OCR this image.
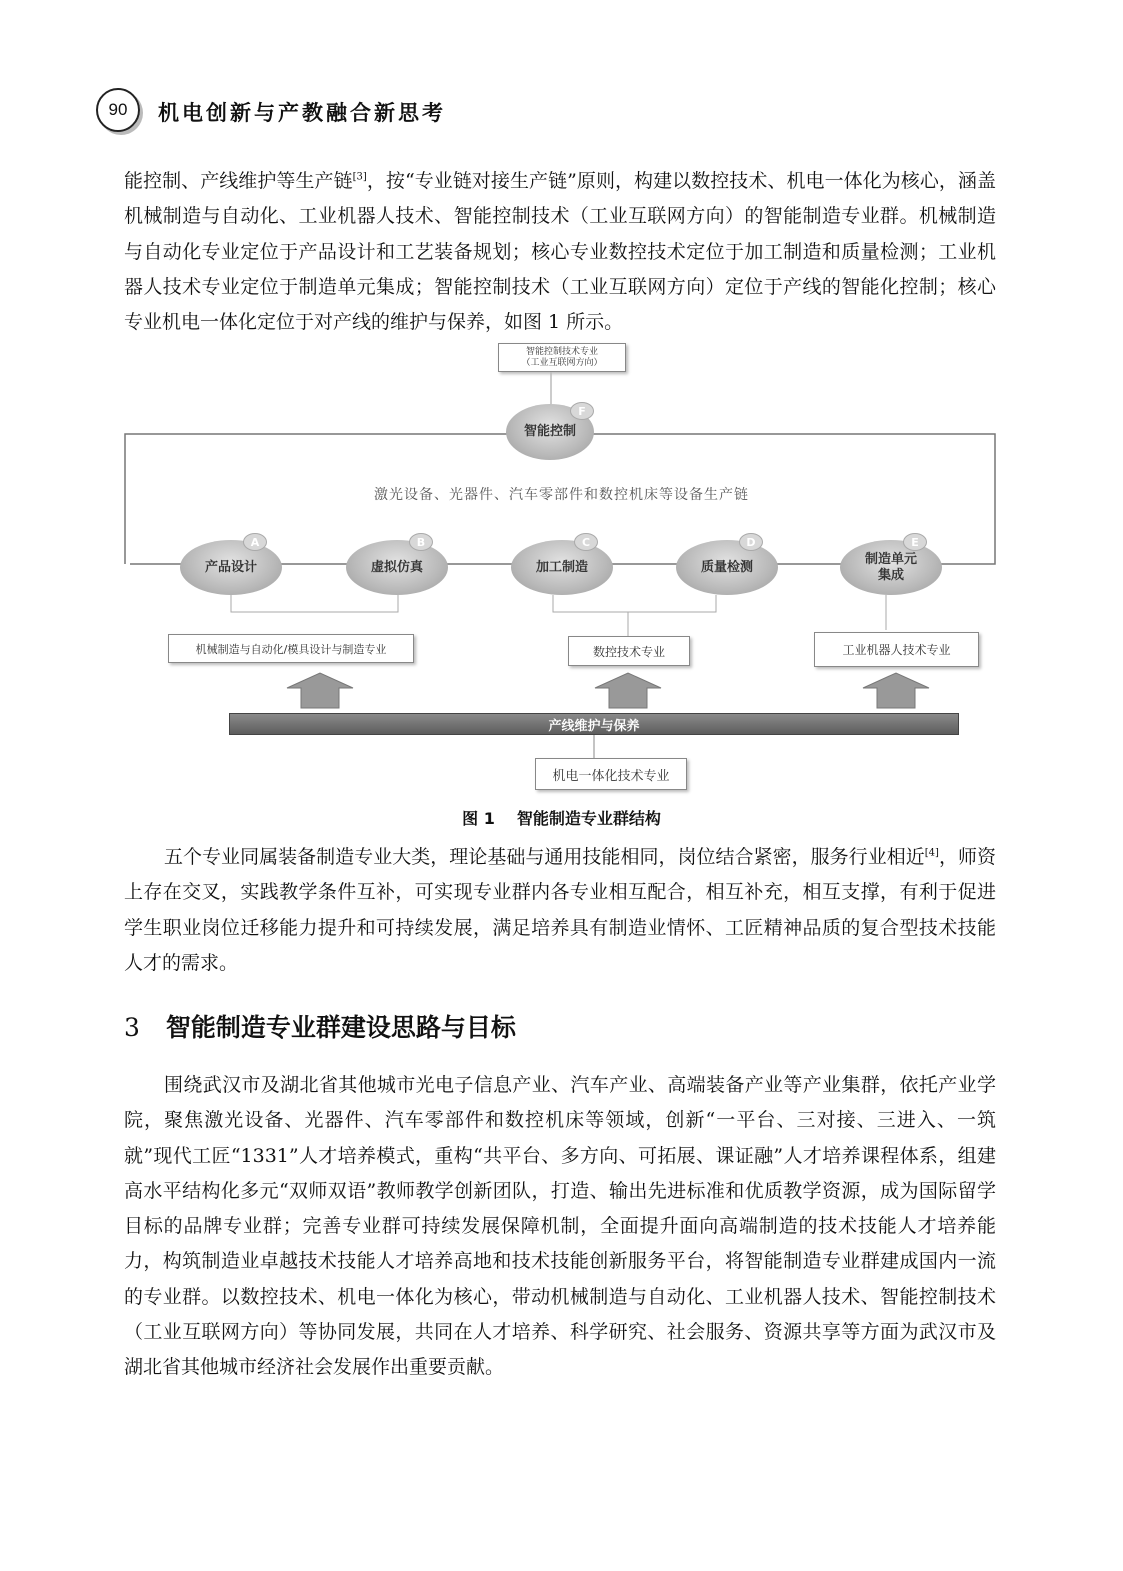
90	机电创新与产教融合新思考

能控制、产线维护等生产链[3]，按“专业链对接生产链”原则，构建以数控技术、机电一体化为核心，涵盖机械制造与自动化、工业机器人技术、智能控制技术（工业互联网方向）的智能制造专业群。机械制造与自动化专业定位于产品设计和工艺装备规划；核心专业数控技术定位于加工制造和质量检测；工业机器人技术专业定位于制造单元集成；智能控制技术（工业互联网方向）定位于产线的智能化控制；核心专业机电一体化定位于对产线的维护与保养，如图 1 所示。

智能控制技术专业
（工业互联网方向）
智能控制
F
激光设备、光器件、汽车零部件和数控机床等设备生产链
产品设计
A
虚拟仿真
B
加工制造
C
质量检测
D
制造单元
集成
E
机械制造与自动化/模具设计与制造专业	数控技术专业	工业机器人技术专业
产线维护与保养
机电一体化技术专业
图 1 智能制造专业群结构

五个专业同属装备制造专业大类，理论基础与通用技能相同，岗位结合紧密，服务行业相近[4]，师资上存在交叉，实践教学条件互补，可实现专业群内各专业相互配合，相互补充，相互支撑，有利于促进学生职业岗位迁移能力提升和可持续发展，满足培养具有制造业情怀、工匠精神品质的复合型技术技能人才的需求。

3 智能制造专业群建设思路与目标

围绕武汉市及湖北省其他城市光电子信息产业、汽车产业、高端装备产业等产业集群，依托产业学院，聚焦激光设备、光器件、汽车零部件和数控机床等领域，创新“一平台、三对接、三进入、一筑就”现代工匠“1331”人才培养模式，重构“共平台、多方向、可拓展、课证融”人才培养课程体系，组建高水平结构化多元“双师双语”教师教学创新团队，打造、输出先进标准和优质教学资源，成为国际留学目标的品牌专业群；完善专业群可持续发展保障机制，全面提升面向高端制造的技术技能人才培养能力，构筑制造业卓越技术技能人才培养高地和技术技能创新服务平台，将智能制造专业群建成国内一流的专业群。以数控技术、机电一体化为核心，带动机械制造与自动化、工业机器人技术、智能控制技术（工业互联网方向）等协同发展，共同在人才培养、科学研究、社会服务、资源共享等方面为武汉市及湖北省其他城市经济社会发展作出重要贡献。
